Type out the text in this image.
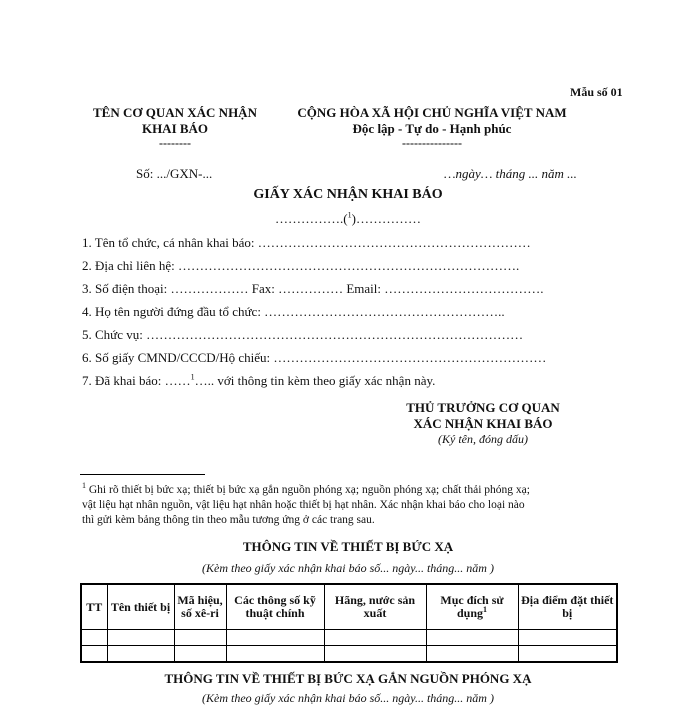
Mẫu số 01
TÊN CƠ QUAN XÁC NHẬN
KHAI BÁO
--------
CỘNG HÒA XÃ HỘI CHỦ NGHĨA VIỆT NAM
Độc lập - Tự do - Hạnh phúc
---------------
Số: .../GXN-...	…ngày… tháng ... năm ...
GIẤY XÁC NHẬN KHAI BÁO
…………….($^1$)……………
1. Tên tổ chức, cá nhân khai báo: ………………………………………………………
2. Địa chỉ liên hệ: …………………………………………………………………….
3. Số điện thoại: ……………… Fax: …………… Email: ……………………………….
4. Họ tên người đứng đầu tổ chức: ………………………………………………..
5. Chức vụ: ……………………………………………………………………………
6. Số giấy CMND/CCCD/Hộ chiếu: ………………………………………………………
7. Đã khai báo: ……$^1$….. với thông tin kèm theo giấy xác nhận này.
THỦ TRƯỞNG CƠ QUAN
XÁC NHẬN KHAI BÁO
(Ký tên, đóng dấu)
$^1$ Ghi rõ thiết bị bức xạ; thiết bị bức xạ gắn nguồn phóng xạ; nguồn phóng xạ; chất thải phóng xạ;
vật liệu hạt nhân nguồn, vật liệu hạt nhân hoặc thiết bị hạt nhân. Xác nhận khai báo cho loại nào
thì gửi kèm bảng thông tin theo mẫu tương ứng ở các trang sau.
THÔNG TIN VỀ THIẾT BỊ BỨC XẠ
(Kèm theo giấy xác nhận khai báo số... ngày... tháng... năm )
TT	Tên thiết bị	Mã hiệu, số xê-ri	Các thông số kỹ thuật chính	Hãng, nước sản xuất	Mục đích sử dụng$^1$	Địa điểm đặt thiết bị

THÔNG TIN VỀ THIẾT BỊ BỨC XẠ GẮN NGUỒN PHÓNG XẠ
(Kèm theo giấy xác nhận khai báo số... ngày... tháng... năm )
